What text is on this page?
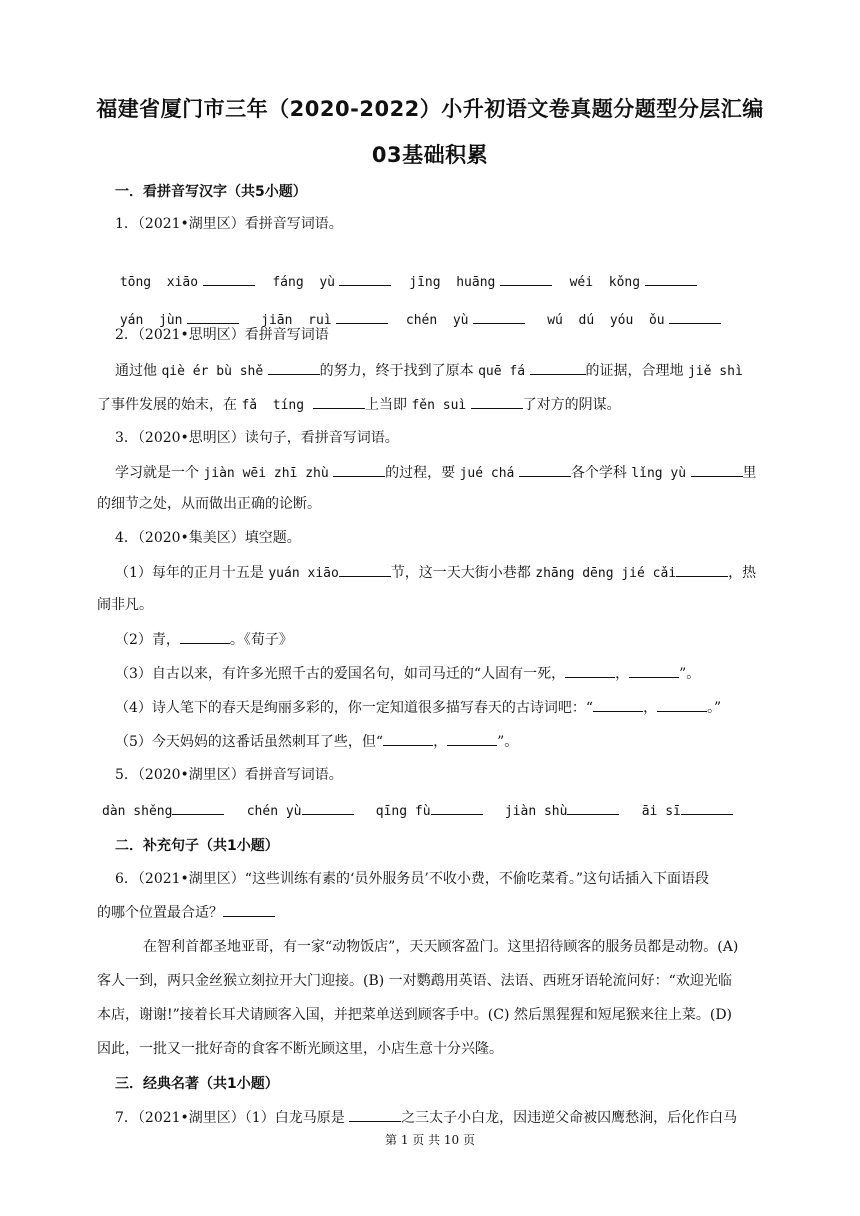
福建省厦门市三年（2020-2022）小升初语文卷真题分题型分层汇编
03基础积累
一．看拼音写汉字（共5小题）
1．（2021•湖里区）看拼音写词语。

tōng  xiāo	fáng  yù	jīng  huāng	wéi  kǒng

yán  jùn	jiān  ruì	chén  yù	wú  dú  yóu  ǒu

2．（2021•思明区）看拼音写词语
通过他 qiè ér bù shě	的努力，终于找到了原本 quē fá	的证据，合理地 jiě shì
了事件发展的始末，在 fǎ  tíng	上当即 fěn suì	了对方的阴谋。
3．（2020•思明区）读句子，看拼音写词语。
学习就是一个 jiàn wēi zhī zhù	的过程，要 jué chá	各个学科 lǐng yù	里
的细节之处，从而做出正确的论断。
4．（2020•集美区）填空题。
（1）每年的正月十五是 yuán xiāo	节，这一天大街小巷都 zhāng dēng jié cǎi	，热
闹非凡。
（2）青，	。《荀子》
（3）自古以来，有许多光照千古的爱国名句，如司马迁的“人固有一死，	，	”。
（4）诗人笔下的春天是绚丽多彩的，你一定知道很多描写春天的古诗词吧：“	，	。”
（5）今天妈妈的这番话虽然刺耳了些，但“	，	”。
5．（2020•湖里区）看拼音写词语。
dàn shěng	chén yù	qīng fù	jiàn shù	āi sī
二．补充句子（共1小题）
6．（2021•湖里区）“这些训练有素的‘员外服务员’不收小费，不偷吃菜肴。”这句话插入下面语段
的哪个位置最合适？
在智利首都圣地亚哥，有一家“动物饭店”，天天顾客盈门。这里招待顾客的服务员都是动物。(A)
客人一到，两只金丝猴立刻拉开大门迎接。(B) 一对鹦鹉用英语、法语、西班牙语轮流问好：“欢迎光临
本店，谢谢!”接着长耳犬请顾客入国，并把菜单送到顾客手中。(C) 然后黑猩猩和短尾猴来往上菜。(D)
因此，一批又一批好奇的食客不断光顾这里，小店生意十分兴隆。
三．经典名著（共1小题）
7．（2021•湖里区）（1）白龙马原是	之三太子小白龙，因违逆父命被囚鹰愁涧，后化作白马
第 1 页 共 10 页
